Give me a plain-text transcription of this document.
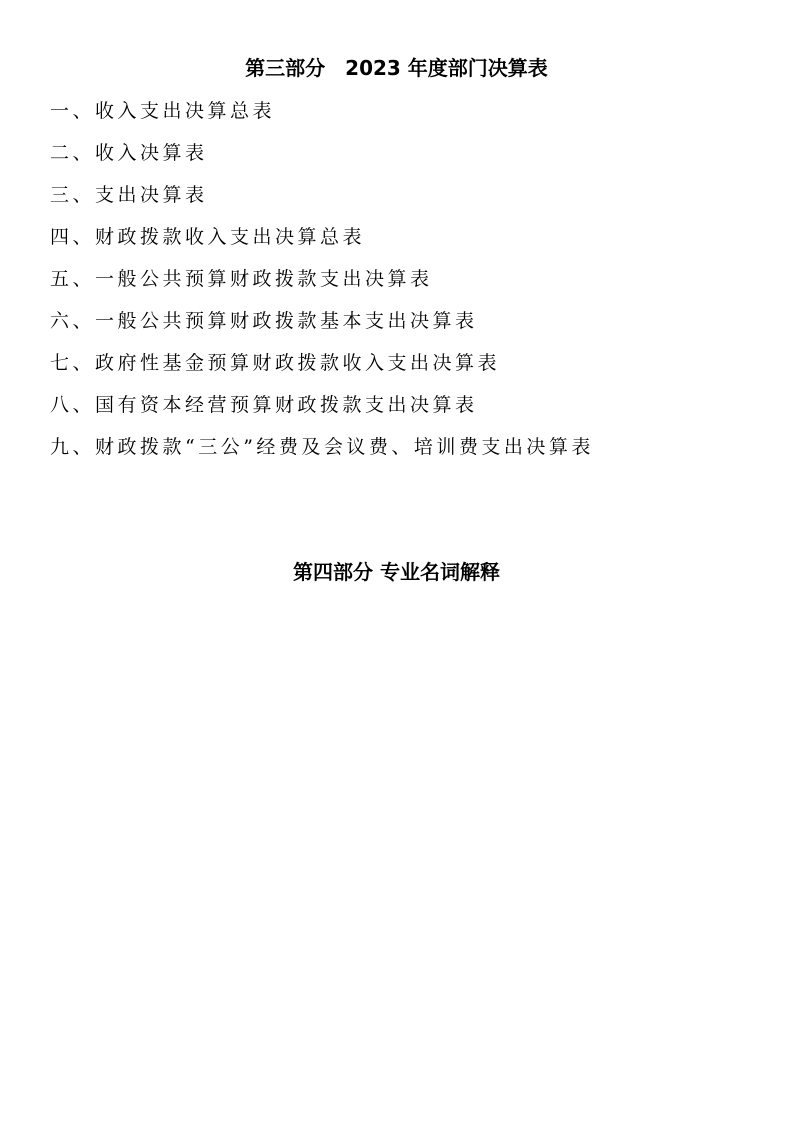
第三部分　2023 年度部门决算表
一、收入支出决算总表
二、收入决算表
三、支出决算表
四、财政拨款收入支出决算总表
五、一般公共预算财政拨款支出决算表
六、一般公共预算财政拨款基本支出决算表
七、政府性基金预算财政拨款收入支出决算表
八、国有资本经营预算财政拨款支出决算表
九、财政拨款“三公”经费及会议费、培训费支出决算表
第四部分 专业名词解释
